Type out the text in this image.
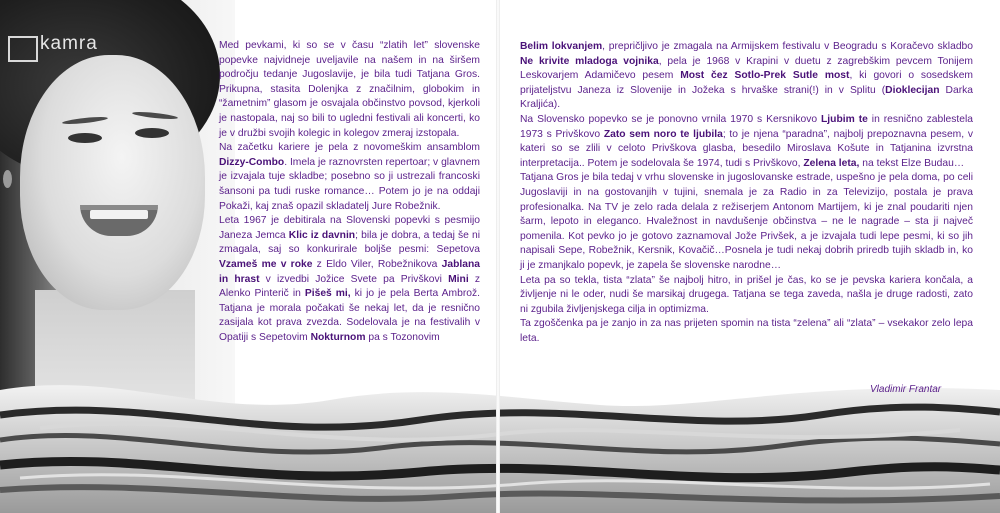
kamra	Med pevkami, ki so se v času “zlatih let” slovenske popevke najvidneje uveljavile na našem in na širšem področju tedanje Jugoslavije, je bila tudi Tatjana Gros. Prikupna, stasita Dolenjka z značilnim, globokim in “žametnim” glasom je osvajala občinstvo povsod, kjerkoli je nastopala, naj so bili to ugledni festivali ali koncerti, ko je v družbi svojih kolegic in kolegov zmeraj izstopala.

Na začetku kariere je pela z novomeškim ansamblom Dizzy-Combo. Imela je raznovrsten repertoar; v glavnem je izvajala tuje skladbe; posebno so ji ustrezali francoski šansoni pa tudi ruske romance… Potem jo je na oddaji Pokaži, kaj znaš opazil skladatelj Jure Robežnik.

Leta 1967 je debitirala na Slovenski popevki s pesmijo Janeza Jemca Klic iz davnin; bila je dobra, a tedaj še ni zmagala, saj so konkurirale boljše pesmi: Sepetova Vzameš me v roke z Eldo Viler, Robežnikova Jablana in hrast v izvedbi Jožice Svete pa Privškovi Mini z Alenko Pinterič in Pišeš mi, ki jo je pela Berta Ambrož. Tatjana je morala počakati še nekaj let, da je resnično zasijala kot prava zvezda. Sodelovala je na festivalih v Opatiji s Sepetovim Nokturnom pa s Tozonovim

Belim lokvanjem, prepričljivo je zmagala na Armijskem festivalu v Beogradu s Koračevo skladbo Ne krivite mladoga vojnika, pela je 1968 v Krapini v duetu z zagrebškim pevcem Tonijem Leskovarjem Adamičevo pesem Most čez Sotlo-Prek Sutle most, ki govori o sosedskem prijateljstvu Janeza iz Slovenije in Jožeka s hrvaške strani(!) in v Splitu (Dioklecijan Darka Kraljića).

Na Slovensko popevko se je ponovno vrnila 1970 s Kersnikovo Ljubim te in resnično zablestela 1973 s Privškovo Zato sem noro te ljubila; to je njena “paradna”, najbolj prepoznavna pesem, v kateri so se zlili v celoto Privškova glasba, besedilo Miroslava Košute in Tatjanina izvrstna interpretacija.. Potem je sodelovala še 1974, tudi s Privškovo, Zelena leta, na tekst Elze Budau…

Tatjana Gros je bila tedaj v vrhu slovenske in jugoslovanske estrade, uspešno je pela doma, po celi Jugoslaviji in na gostovanjih v tujini, snemala je za Radio in za Televizijo, postala je prava profesionalka. Na TV je zelo rada delala z režiserjem Antonom Martijem, ki je znal poudariti njen šarm, lepoto in eleganco. Hvaležnost in navdušenje občinstva – ne le nagrade – sta ji največ pomenila. Kot pevko jo je gotovo zaznamoval Jože Privšek, a je izvajala tudi lepe pesmi, ki so jih napisali Sepe, Robežnik, Kersnik, Kovačič…Posnela je tudi nekaj dobrih priredb tujih skladb in, ko ji je zmanjkalo popevk, je zapela še slovenske narodne…

Leta pa so tekla, tista “zlata” še najbolj hitro, in prišel je čas, ko se je pevska kariera končala, a življenje ni le oder, nudi še marsikaj drugega. Tatjana se tega zaveda, našla je druge radosti, zato ni zgubila življenjskega cilja in optimizma.

Ta zgoščenka pa je zanjo in za nas prijeten spomin na tista “zelena” ali “zlata” – vsekakor zelo lepa leta.

Vladimir Frantar
